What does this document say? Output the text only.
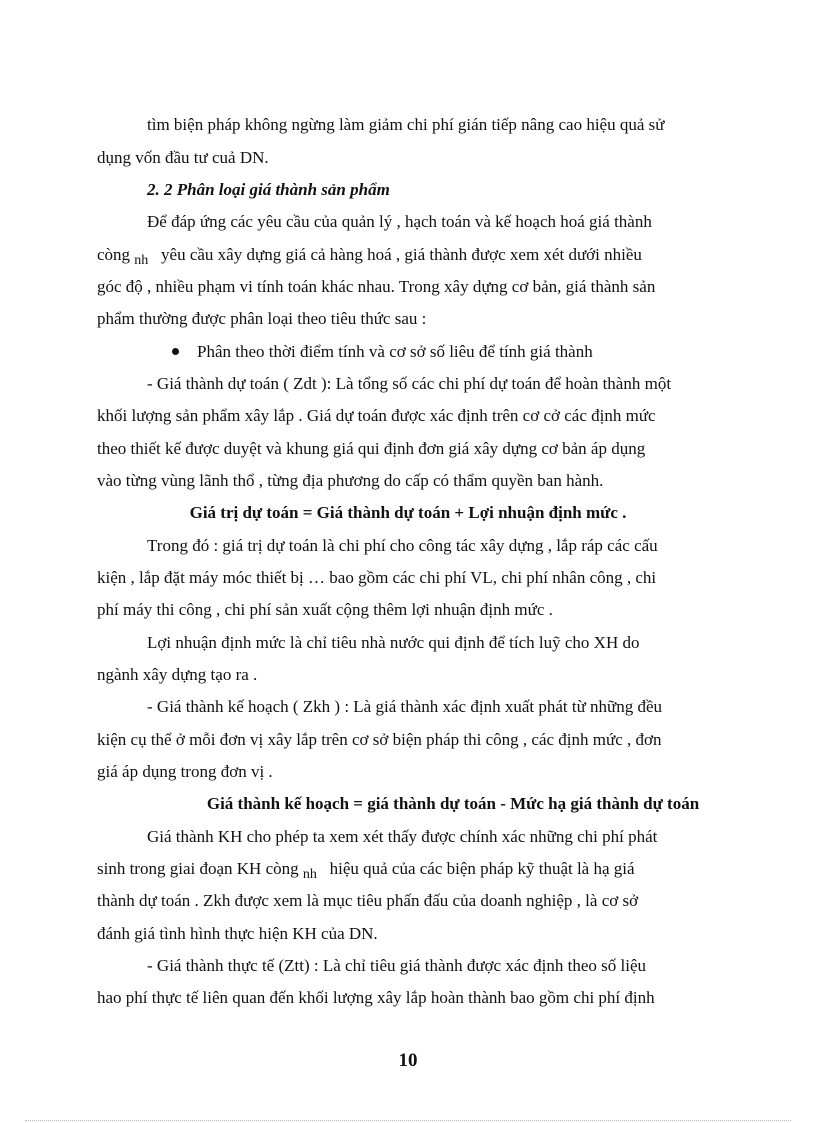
tìm biện pháp không ngừng làm giảm chi phí gián tiếp nâng cao hiệu quả sử
dụng vốn đầu tư cuả DN.
2. 2 Phân loại giá thành sản phẩm
Để đáp ứng các yêu cầu của quản lý , hạch toán và kế hoạch hoá giá thành
còng $_{nh}$ yêu cầu xây dựng giá cả hàng hoá , giá thành được xem xét dưới nhiều
góc độ , nhiều phạm vi tính toán khác nhau. Trong xây dựng cơ bản, giá thành sản
phẩm thường được phân loại theo tiêu thức sau :
Phân theo thời điểm tính và cơ sở số liêu để tính giá thành
- Giá thành dự toán ( Zdt ): Là tổng số các chi phí dự toán để hoàn thành một
khối lượng sản phẩm xây lắp . Giá dự toán được xác định trên cơ cở các định mức
theo thiết kế được duyệt và khung giá qui định đơn giá xây dựng cơ bản áp dụng
vào từng vùng lãnh thổ , từng địa phương do cấp có thẩm quyền ban hành.
Giá trị dự toán = Giá thành dự toán + Lợi nhuận định mức .
Trong đó : giá trị dự toán là chi phí cho công tác xây dựng , lắp ráp các cấu
kiện , lắp đặt máy móc thiết bị … bao gồm các chi phí VL, chi phí nhân công , chi
phí máy thi công , chi phí sản xuất cộng thêm lợi nhuận định mức .
Lợi nhuận định mức là chỉ tiêu nhà nước qui định để tích luỹ cho XH do
ngành xây dựng tạo ra .
- Giá thành kế hoạch ( Zkh ) : Là giá thành xác định xuất phát từ những đều
kiện cụ thể ở mỗi đơn vị xây lắp trên cơ sở biện pháp thi công , các định mức , đơn
giá áp dụng trong đơn vị .
Giá thành kế hoạch = giá thành dự toán - Mức hạ giá thành dự toán
Giá thành KH cho phép ta xem xét thấy được chính xác những chi phí phát
sinh trong giai đoạn KH còng $_{nh}$ hiệu quả của các biện pháp kỹ thuật là hạ giá
thành dự toán . Zkh được xem là mục tiêu phấn đấu của doanh nghiệp , là cơ sở
đánh giá tình hình thực hiện KH của DN.
- Giá thành thực tế (Ztt) : Là chỉ tiêu giá thành được xác định theo số liệu
hao phí thực tế liên quan đến khối lượng xây lắp hoàn thành bao gồm chi phí định
10
